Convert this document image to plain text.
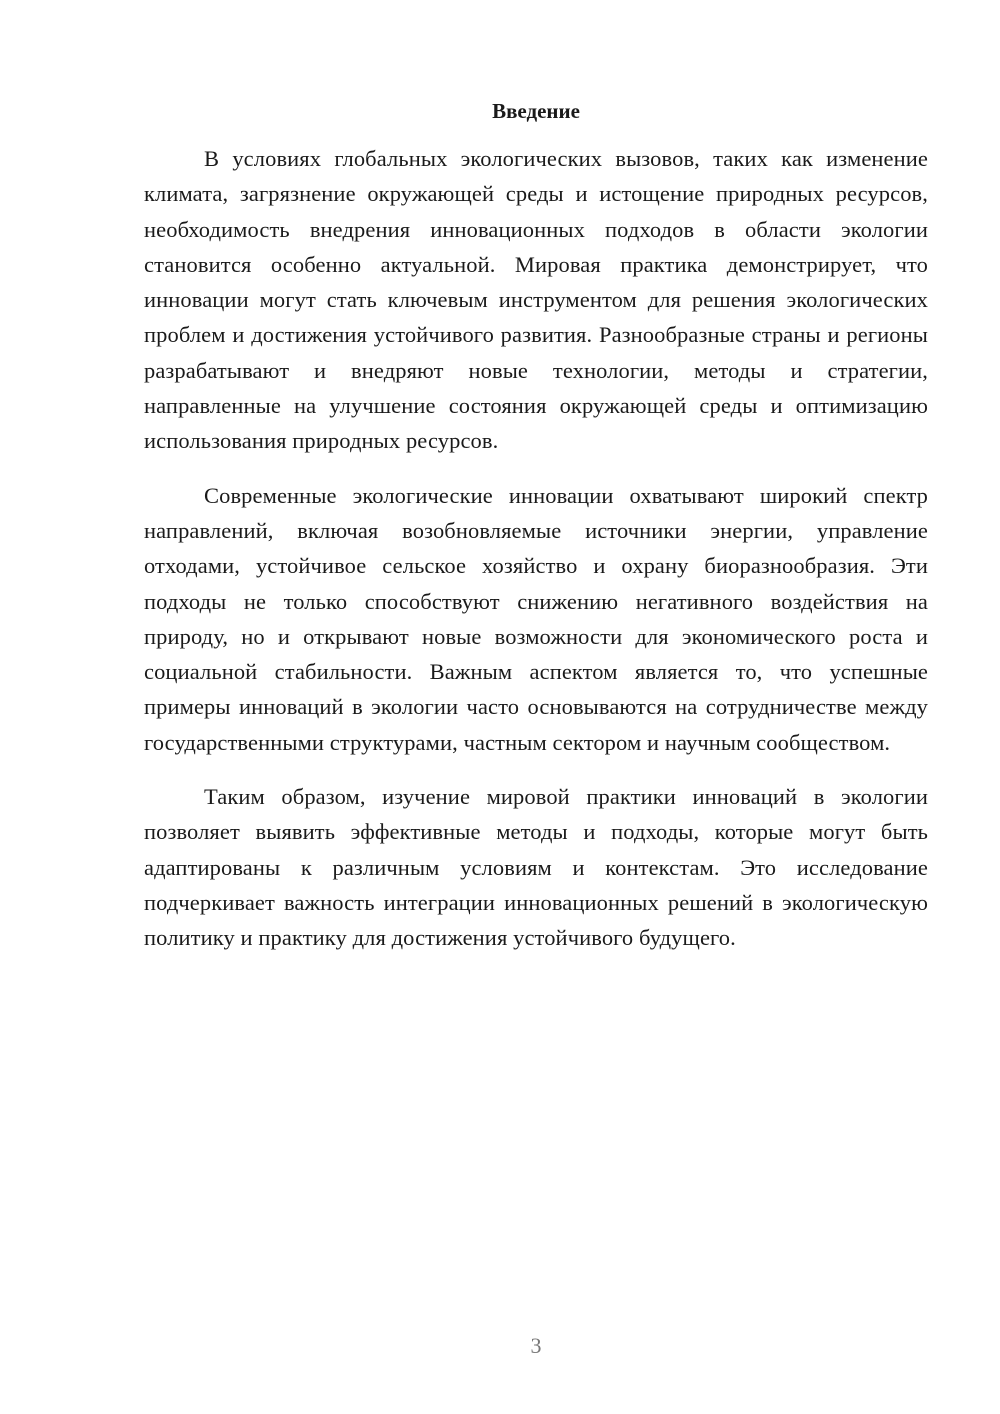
Введение

В условиях глобальных экологических вызовов, таких как изменение климата, загрязнение окружающей среды и истощение природных ресурсов, необходимость внедрения инновационных подходов в области экологии становится особенно актуальной. Мировая практика демонстрирует, что инновации могут стать ключевым инструментом для решения экологических проблем и достижения устойчивого развития. Разнообразные страны и регионы разрабатывают и внедряют новые технологии, методы и стратегии, направленные на улучшение состояния окружающей среды и оптимизацию использования природных ресурсов.

Современные экологические инновации охватывают широкий спектр направлений, включая возобновляемые источники энергии, управление отходами, устойчивое сельское хозяйство и охрану биоразнообразия. Эти подходы не только способствуют снижению негативного воздействия на природу, но и открывают новые возможности для экономического роста и социальной стабильности. Важным аспектом является то, что успешные примеры инноваций в экологии часто основываются на сотрудничестве между государственными структурами, частным сектором и научным сообществом.

Таким образом, изучение мировой практики инноваций в экологии позволяет выявить эффективные методы и подходы, которые могут быть адаптированы к различным условиям и контекстам. Это исследование подчеркивает важность интеграции инновационных решений в экологическую политику и практику для достижения устойчивого будущего.

3
